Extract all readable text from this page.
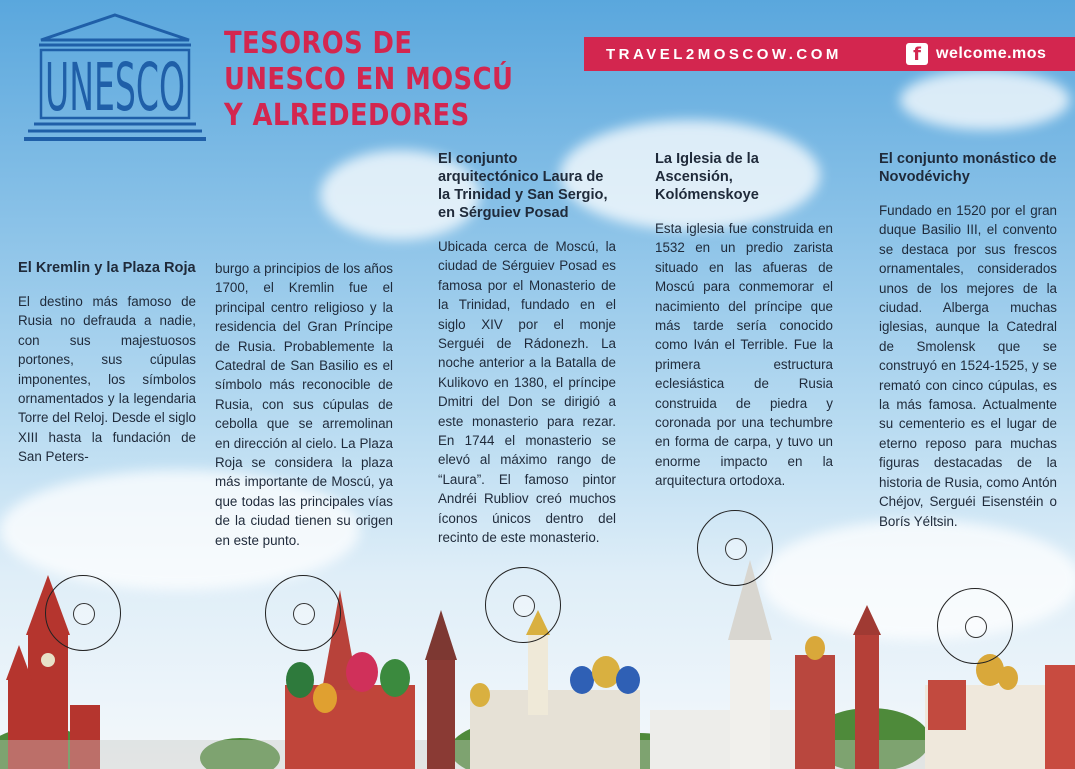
UNESCO
TESOROS DE
UNESCO EN MOSCÚ
Y ALREDEDORES
TRAVEL2MOSCOW.COM	f welcome.mos
El Kremlin y la Plaza Roja

El destino más famoso de Rusia no defrauda a nadie, con sus majestuosos portones, sus cúpulas imponentes, los símbolos ornamentados y la legendaria Torre del Reloj. Desde el siglo XIII hasta la fundación de San Peters-

burgo a principios de los años 1700, el Kremlin fue el principal centro religioso y la residencia del Gran Príncipe de Rusia. Probablemente la Catedral de San Basilio es el símbolo más reconocible de Rusia, con sus cúpulas de cebolla que se arremolinan en dirección al cielo. La Plaza Roja se considera la plaza más importante de Moscú, ya que todas las principales vías de la ciudad tienen su origen en este punto.

El conjunto arquitectónico Laura de la Trinidad y San Sergio, en Sérguiev Posad

Ubicada cerca de Moscú, la ciudad de Sérguiev Posad es famosa por el Monasterio de la Trinidad, fundado en el siglo XIV por el monje Serguéi de Rádonezh. La noche anterior a la Batalla de Kulikovo en 1380, el príncipe Dmitri del Don se dirigió a este monasterio para rezar. En 1744 el monasterio se elevó al máximo rango de “Laura”. El famoso pintor Andréi Rubliov creó muchos íconos únicos dentro del recinto de este monasterio.

La Iglesia de la Ascensión, Kolómenskoye

Esta iglesia fue construida en 1532 en un predio zarista situado en las afueras de Moscú para conmemorar el nacimiento del príncipe que más tarde sería conocido como Iván el Terrible. Fue la primera estructura eclesiástica de Rusia construida de piedra y coronada por una techumbre en forma de carpa, y tuvo un enorme impacto en la arquitectura ortodoxa.

El conjunto monástico de Novodévichy

Fundado en 1520 por el gran duque Basilio III, el convento se destaca por sus frescos ornamentales, considerados unos de los mejores de la ciudad. Alberga muchas iglesias, aunque la Catedral de Smolensk que se construyó en 1524-1525, y se remató con cinco cúpulas, es la más famosa. Actualmente su cementerio es el lugar de eterno reposo para muchas figuras destacadas de la historia de Rusia, como Antón Chéjov, Serguéi Eisenstéin o Borís Yéltsin.
